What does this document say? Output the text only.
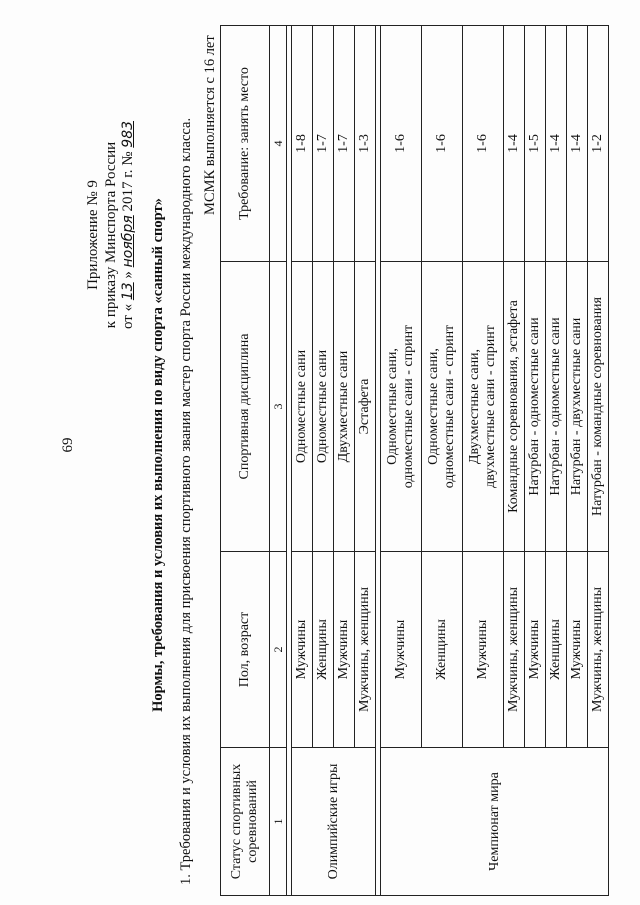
69
Приложение № 9 к приказу Минспорта России от « 13 » ноября 2017 г. № 983
Нормы, требования и условия их выполнения по виду спорта «санный спорт» 1. Требования и условия их выполнения для присвоения спортивного звания мастер спорта России международного класса. МСМК выполняется с 16 лет
Статус спортивных соревнований	Пол, возраст	Спортивная дисциплина	Требование: занять место
1	2	3	4

Олимпийские игры	Мужчины	Одноместные сани	1-8
	Женщины	Одноместные сани	1-7
	Мужчины	Двухместные сани	1-7
	Мужчины, женщины	Эстафета	1-3

Чемпионат мира	Мужчины	Одноместные сани, одноместные сани - спринт	1-6
	Женщины	Одноместные сани, одноместные сани - спринт	1-6
	Мужчины	Двухместные сани, двухместные сани - спринт	1-6
	Мужчины, женщины	Командные соревнования, эстафета	1-4
	Мужчины	Натурбан - одноместные сани	1-5
	Женщины	Натурбан - одноместные сани	1-4
	Мужчины	Натурбан - двухместные сани	1-4
	Мужчины, женщины	Натурбан - командные соревнования	1-2
